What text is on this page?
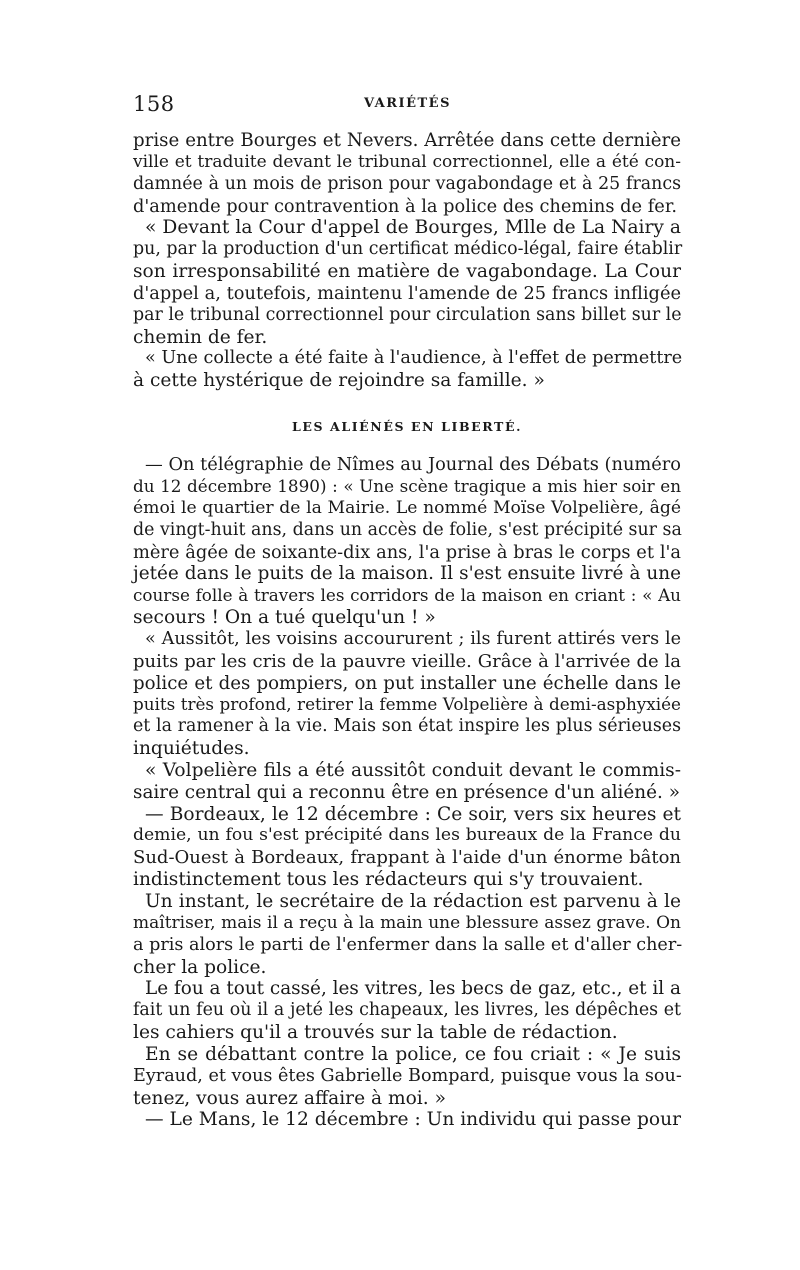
158	VARIÉTÉS
prise entre Bourges et Nevers. Arrêtée dans cette dernière
ville et traduite devant le tribunal correctionnel, elle a été con-
damnée à un mois de prison pour vagabondage et à 25 francs
d'amende pour contravention à la police des chemins de fer.
« Devant la Cour d'appel de Bourges, Mlle de La Nairy a
pu, par la production d'un certificat médico-légal, faire établir
son irresponsabilité en matière de vagabondage. La Cour
d'appel a, toutefois, maintenu l'amende de 25 francs infligée
par le tribunal correctionnel pour circulation sans billet sur le
chemin de fer.
« Une collecte a été faite à l'audience, à l'effet de permettre
à cette hystérique de rejoindre sa famille. »
LES ALIÉNÉS EN LIBERTÉ.
— On télégraphie de Nîmes au Journal des Débats (numéro
du 12 décembre 1890) : « Une scène tragique a mis hier soir en
émoi le quartier de la Mairie. Le nommé Moïse Volpelière, âgé
de vingt-huit ans, dans un accès de folie, s'est précipité sur sa
mère âgée de soixante-dix ans, l'a prise à bras le corps et l'a
jetée dans le puits de la maison. Il s'est ensuite livré à une
course folle à travers les corridors de la maison en criant : « Au
secours ! On a tué quelqu'un ! »
« Aussitôt, les voisins accoururent ; ils furent attirés vers le
puits par les cris de la pauvre vieille. Grâce à l'arrivée de la
police et des pompiers, on put installer une échelle dans le
puits très profond, retirer la femme Volpelière à demi-asphyxiée
et la ramener à la vie. Mais son état inspire les plus sérieuses
inquiétudes.
« Volpelière fils a été aussitôt conduit devant le commis-
saire central qui a reconnu être en présence d'un aliéné. »
— Bordeaux, le 12 décembre : Ce soir, vers six heures et
demie, un fou s'est précipité dans les bureaux de la France du
Sud-Ouest à Bordeaux, frappant à l'aide d'un énorme bâton
indistinctement tous les rédacteurs qui s'y trouvaient.
Un instant, le secrétaire de la rédaction est parvenu à le
maîtriser, mais il a reçu à la main une blessure assez grave. On
a pris alors le parti de l'enfermer dans la salle et d'aller cher-
cher la police.
Le fou a tout cassé, les vitres, les becs de gaz, etc., et il a
fait un feu où il a jeté les chapeaux, les livres, les dépêches et
les cahiers qu'il a trouvés sur la table de rédaction.
En se débattant contre la police, ce fou criait : « Je suis
Eyraud, et vous êtes Gabrielle Bompard, puisque vous la sou-
tenez, vous aurez affaire à moi. »
— Le Mans, le 12 décembre : Un individu qui passe pour
